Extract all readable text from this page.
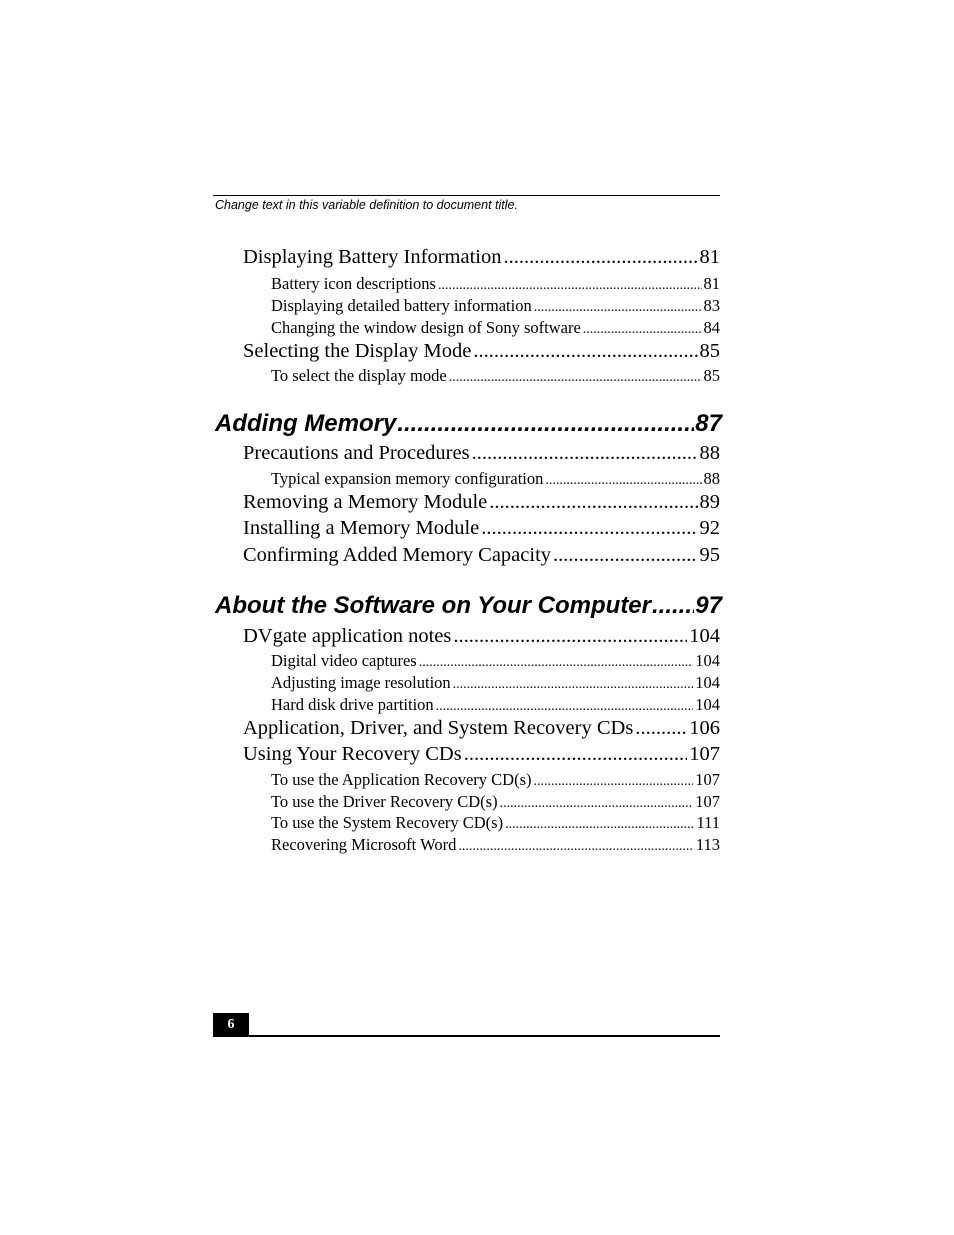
Change text in this variable definition to document title.
Displaying Battery Information .....	81
Battery icon descriptions .....	81
Displaying detailed battery information .....	83
Changing the window design of Sony software .....	84
Selecting the Display Mode .....	85
To select the display mode .....	85
Adding Memory .....	87
Precautions and Procedures .....	88
Typical expansion memory configuration .....	88
Removing a Memory Module .....	89
Installing a Memory Module .....	92
Confirming Added Memory Capacity .....	95
About the Software on Your Computer ..... 97
DVgate application notes .....	104
Digital video captures .....	104
Adjusting image resolution .....	104
Hard disk drive partition .....	104
Application, Driver, and System Recovery CDs .....	106
Using Your Recovery CDs .....	107
To use the Application Recovery CD(s) .....	107
To use the Driver Recovery CD(s) .....	107
To use the System Recovery CD(s) .....	111
Recovering Microsoft Word .....	113
6
